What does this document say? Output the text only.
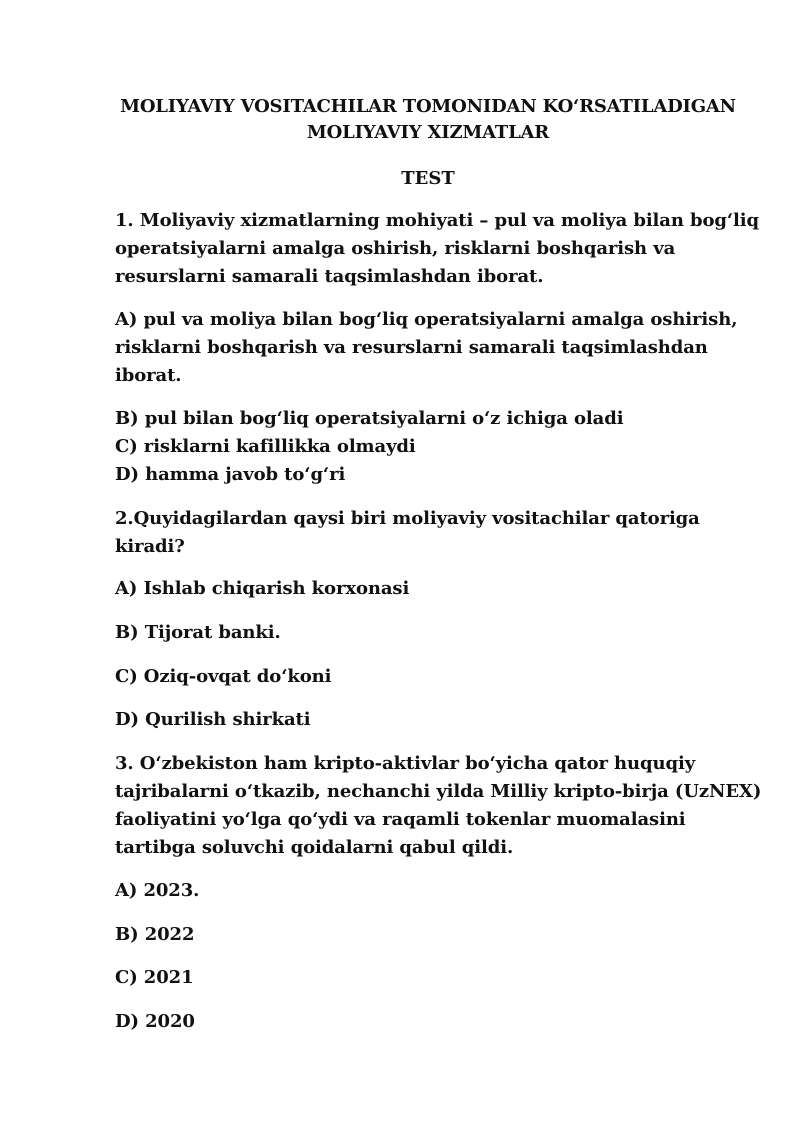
MOLIYAVIY VOSITACHILAR TOMONIDAN KO‘RSATILADIGAN
MOLIYAVIY XIZMATLAR
TEST
1. Moliyaviy xizmatlarning mohiyati – pul va moliya bilan bog‘liq
operatsiyalarni amalga oshirish, risklarni boshqarish va
resurslarni samarali taqsimlashdan iborat.
A) pul va moliya bilan bog‘liq operatsiyalarni amalga oshirish,
risklarni boshqarish va resurslarni samarali taqsimlashdan
iborat.
B) pul bilan bog‘liq operatsiyalarni o‘z ichiga oladi
C) risklarni kafillikka olmaydi
D) hamma javob to‘g‘ri
2.Quyidagilardan qaysi biri moliyaviy vositachilar qatoriga
kiradi?
A) Ishlab chiqarish korxonasi
B) Tijorat banki.
C) Oziq-ovqat do‘koni
D) Qurilish shirkati
3. O‘zbekiston ham kripto-aktivlar bo‘yicha qator huquqiy
tajribalarni o‘tkazib, nechanchi yilda Milliy kripto-birja (UzNEX)
faoliyatini yo‘lga qo‘ydi va raqamli tokenlar muomalasini
tartibga soluvchi qoidalarni qabul qildi.
A) 2023.
B) 2022
C) 2021
D) 2020
